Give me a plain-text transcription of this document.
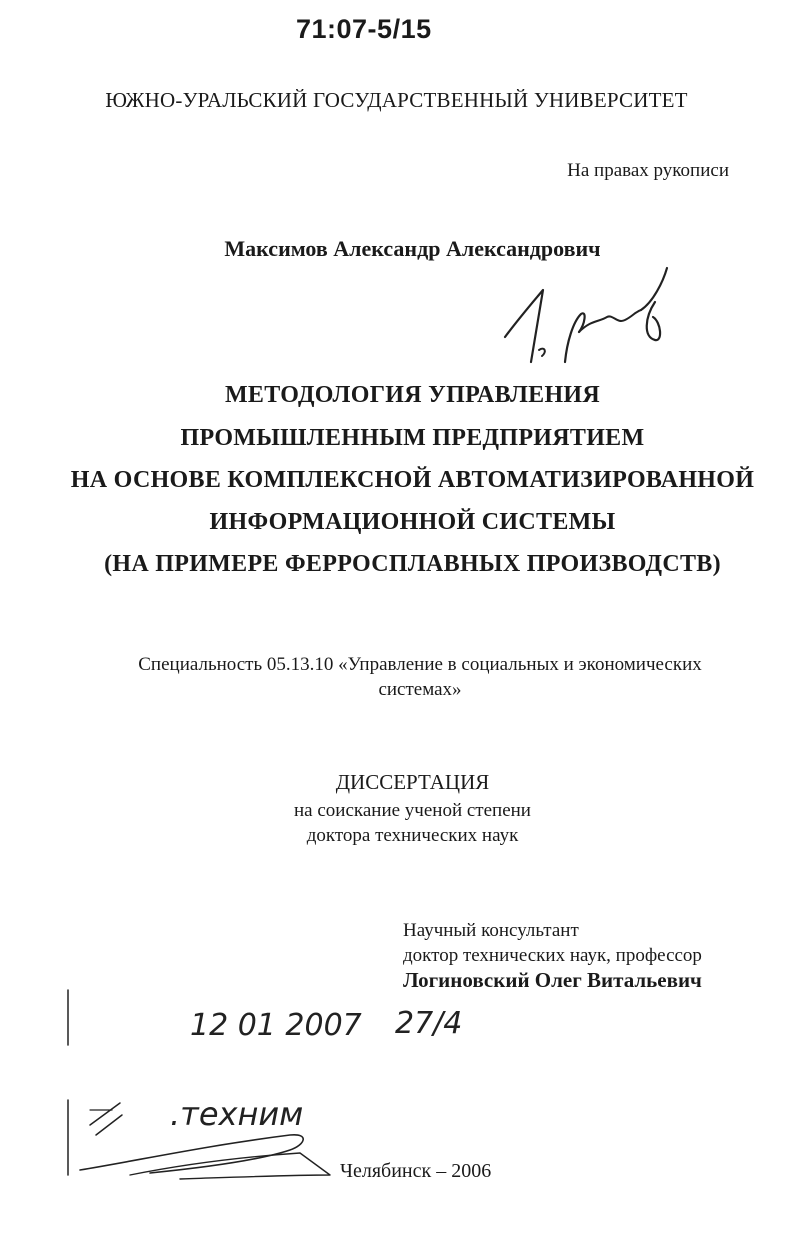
71:07-5/15
ЮЖНО-УРАЛЬСКИЙ ГОСУДАРСТВЕННЫЙ УНИВЕРСИТЕТ
На правах рукописи
Максимов Александр Александрович
МЕТОДОЛОГИЯ УПРАВЛЕНИЯ
ПРОМЫШЛЕННЫМ ПРЕДПРИЯТИЕМ
НА ОСНОВЕ КОМПЛЕКСНОЙ АВТОМАТИЗИРОВАННОЙ
ИНФОРМАЦИОННОЙ СИСТЕМЫ
(НА ПРИМЕРЕ ФЕРРОСПЛАВНЫХ ПРОИЗВОДСТВ)
Специальность 05.13.10 «Управление в социальных и экономических
системах»
ДИССЕРТАЦИЯ
на соискание ученой степени
доктора технических наук
Научный консультант
доктор технических наук, профессор
Логиновский Олег Витальевич
12 01 2007 27/4
.техним
Челябинск – 2006
